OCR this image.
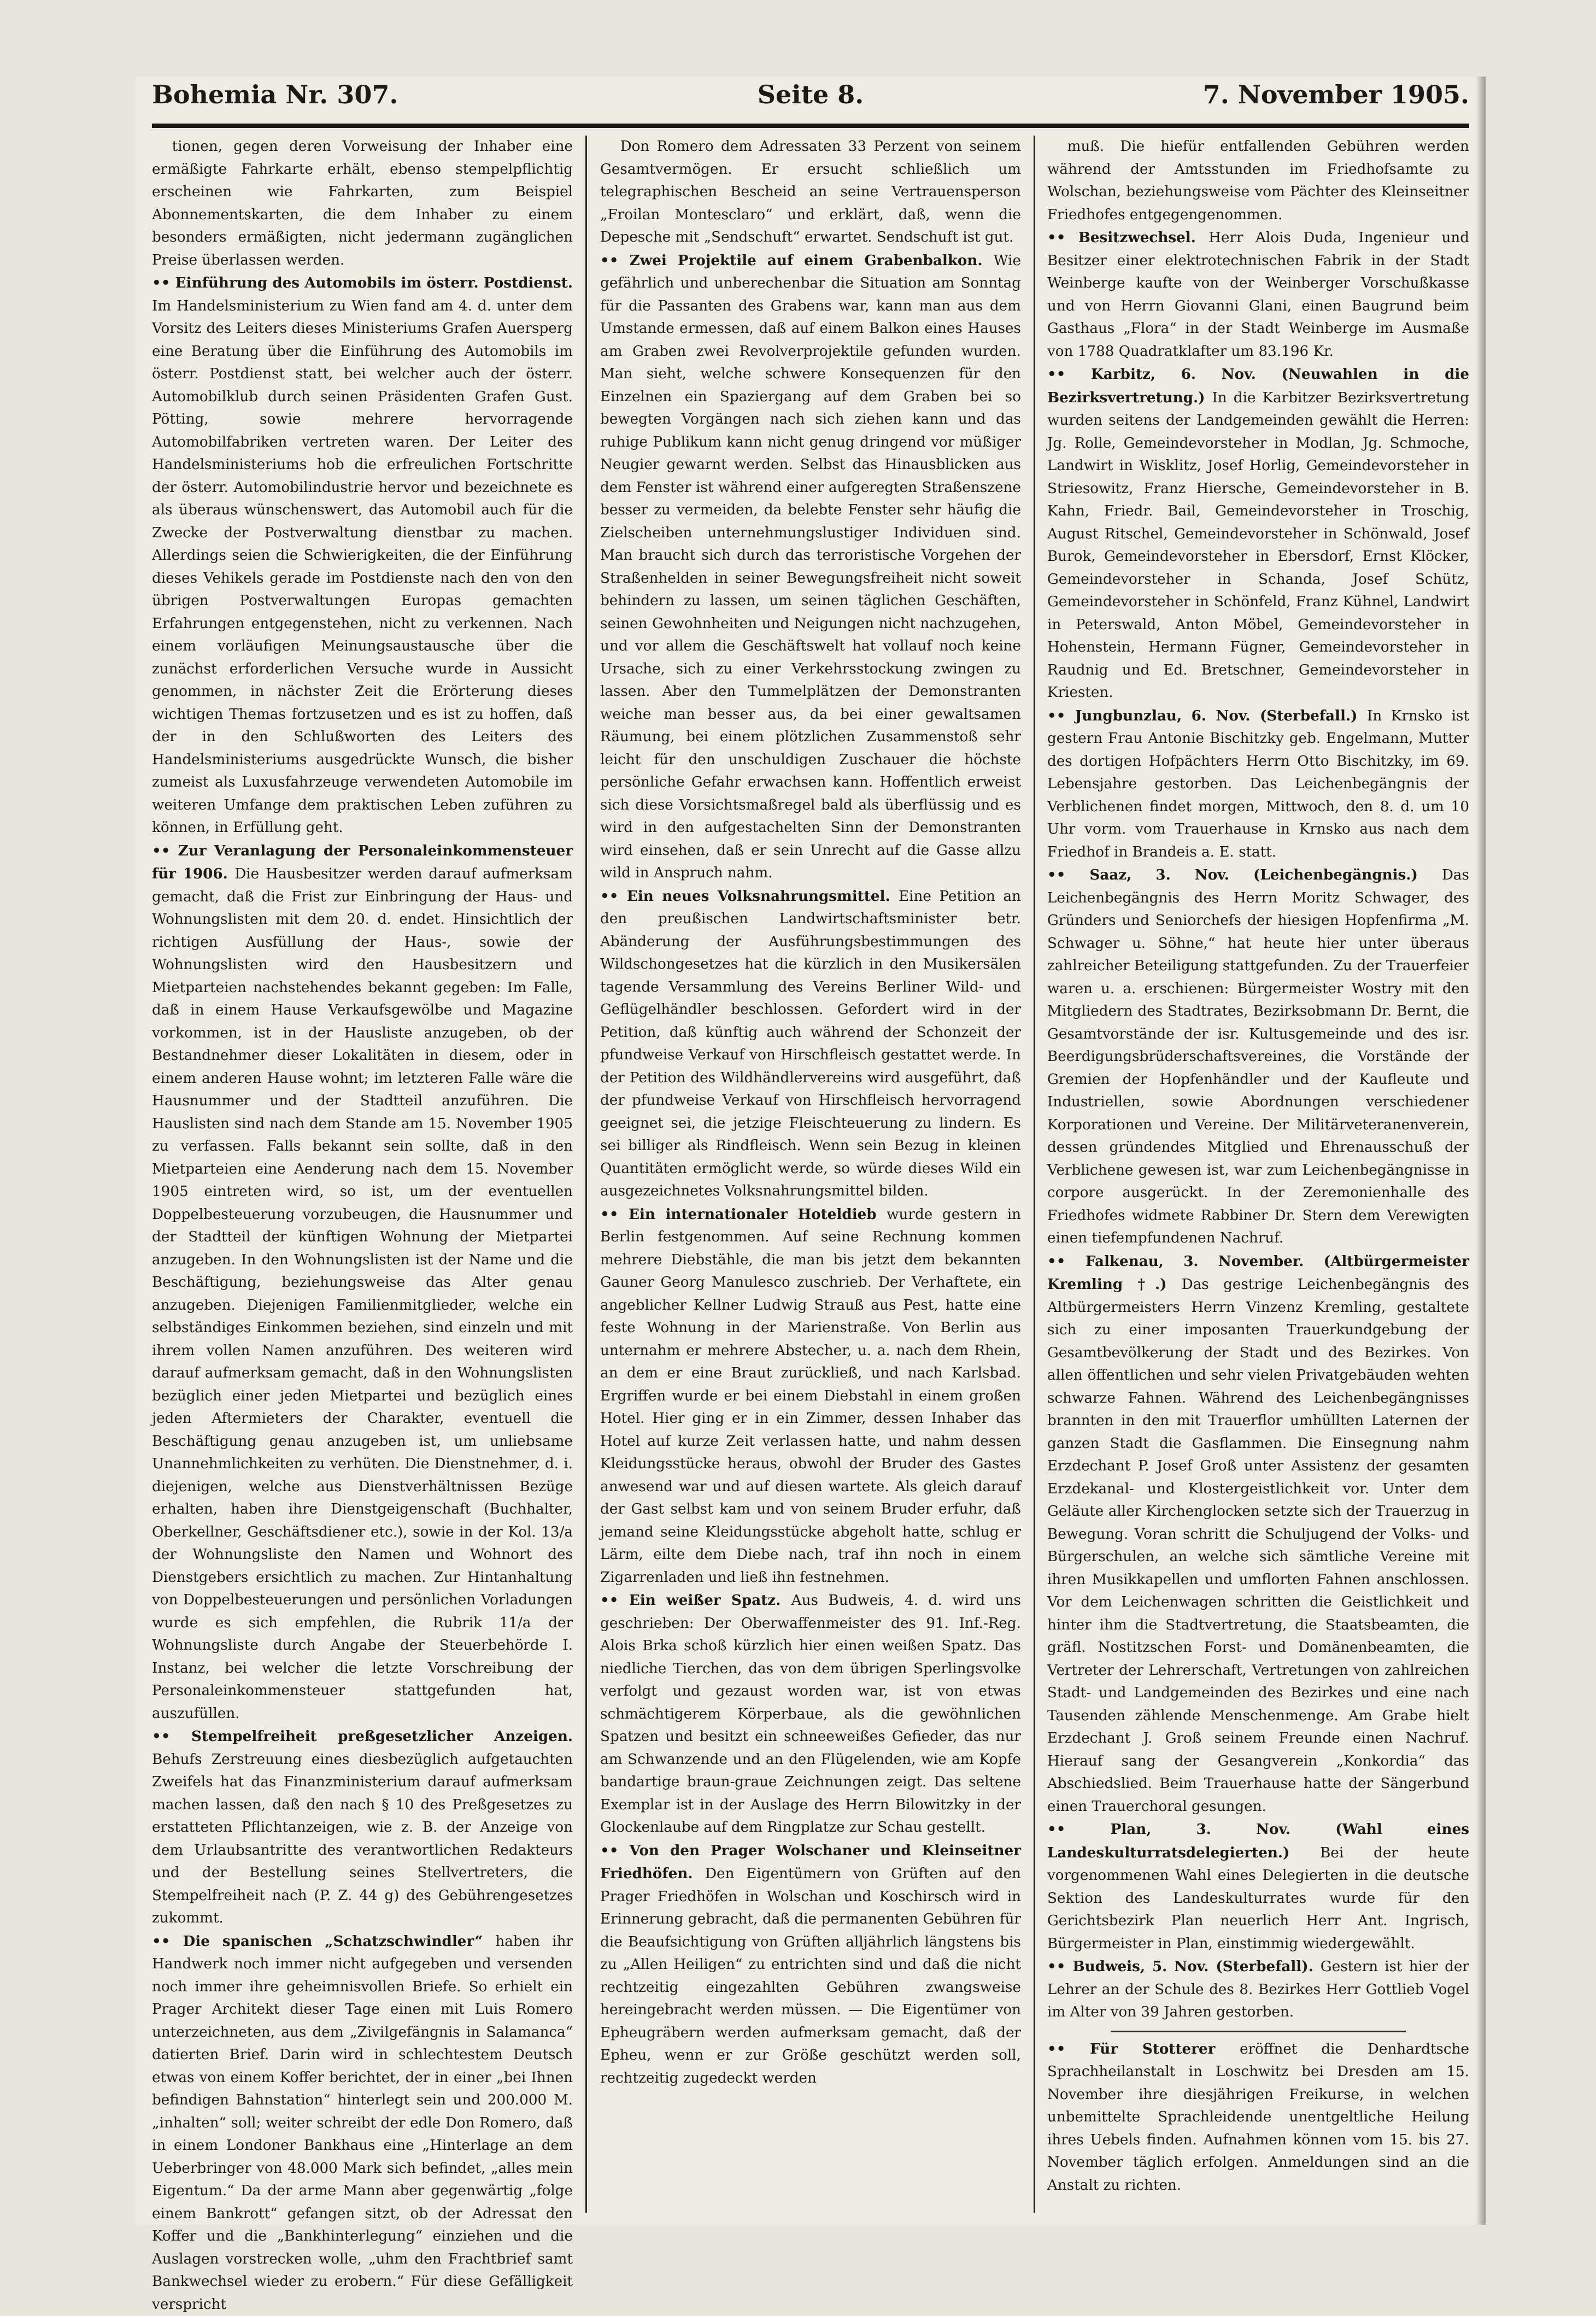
Bohemia Nr. 307.	Seite 8.	7. November 1905.

tionen, gegen deren Vorweisung der Inhaber eine ermäßigte Fahrkarte erhält, ebenso stempelpflichtig erscheinen wie Fahrkarten, zum Beispiel Abonnementskarten, die dem Inhaber zu einem besonders ermäßigten, nicht jedermann zugänglichen Preise überlassen werden.

•• Einführung des Automobils im österr. Postdienst. Im Handelsministerium zu Wien fand am 4. d. unter dem Vorsitz des Leiters dieses Ministeriums Grafen Auersperg eine Beratung über die Einführung des Automobils im österr. Postdienst statt, bei welcher auch der österr. Automobilklub durch seinen Präsidenten Grafen Gust. Pötting, sowie mehrere hervorragende Automobilfabriken vertreten waren. Der Leiter des Handelsministeriums hob die erfreulichen Fortschritte der österr. Automobilindustrie hervor und bezeichnete es als überaus wünschenswert, das Automobil auch für die Zwecke der Postverwaltung dienstbar zu machen. Allerdings seien die Schwierigkeiten, die der Einführung dieses Vehikels gerade im Postdienste nach den von den übrigen Postverwaltungen Europas gemachten Erfahrungen entgegenstehen, nicht zu verkennen. Nach einem vorläufigen Meinungsaustausche über die zunächst erforderlichen Versuche wurde in Aussicht genommen, in nächster Zeit die Erörterung dieses wichtigen Themas fortzusetzen und es ist zu hoffen, daß der in den Schlußworten des Leiters des Handelsministeriums ausgedrückte Wunsch, die bisher zumeist als Luxusfahrzeuge verwendeten Automobile im weiteren Umfange dem praktischen Leben zuführen zu können, in Erfüllung geht.

•• Zur Veranlagung der Personaleinkommensteuer für 1906. Die Hausbesitzer werden darauf aufmerksam gemacht, daß die Frist zur Einbringung der Haus- und Wohnungslisten mit dem 20. d. endet. Hinsichtlich der richtigen Ausfüllung der Haus-, sowie der Wohnungslisten wird den Hausbesitzern und Mietparteien nachstehendes bekannt gegeben: Im Falle, daß in einem Hause Verkaufsgewölbe und Magazine vorkommen, ist in der Hausliste anzugeben, ob der Bestandnehmer dieser Lokalitäten in diesem, oder in einem anderen Hause wohnt; im letzteren Falle wäre die Hausnummer und der Stadtteil anzuführen. Die Hauslisten sind nach dem Stande am 15. November 1905 zu verfassen. Falls bekannt sein sollte, daß in den Mietparteien eine Aenderung nach dem 15. November 1905 eintreten wird, so ist, um der eventuellen Doppelbesteuerung vorzubeugen, die Hausnummer und der Stadtteil der künftigen Wohnung der Mietpartei anzugeben. In den Wohnungslisten ist der Name und die Beschäftigung, beziehungsweise das Alter genau anzugeben. Diejenigen Familienmitglieder, welche ein selbständiges Einkommen beziehen, sind einzeln und mit ihrem vollen Namen anzuführen. Des weiteren wird darauf aufmerksam gemacht, daß in den Wohnungslisten bezüglich einer jeden Mietpartei und bezüglich eines jeden Aftermieters der Charakter, eventuell die Beschäftigung genau anzugeben ist, um unliebsame Unannehmlichkeiten zu verhüten. Die Dienstnehmer, d. i. diejenigen, welche aus Dienstverhältnissen Bezüge erhalten, haben ihre Dienstgeigenschaft (Buchhalter, Oberkellner, Geschäftsdiener etc.), sowie in der Kol. 13/a der Wohnungsliste den Namen und Wohnort des Dienstgebers ersichtlich zu machen. Zur Hintanhaltung von Doppelbesteuerungen und persönlichen Vorladungen wurde es sich empfehlen, die Rubrik 11/a der Wohnungsliste durch Angabe der Steuerbehörde I. Instanz, bei welcher die letzte Vorschreibung der Personaleinkommensteuer stattgefunden hat, auszufüllen.

•• Stempelfreiheit preßgesetzlicher Anzeigen. Behufs Zerstreuung eines diesbezüglich aufgetauchten Zweifels hat das Finanzministerium darauf aufmerksam machen lassen, daß den nach § 10 des Preßgesetzes zu erstatteten Pflichtanzeigen, wie z. B. der Anzeige von dem Urlaubsantritte des verantwortlichen Redakteurs und der Bestellung seines Stellvertreters, die Stempelfreiheit nach (P. Z. 44 g) des Gebührengesetzes zukommt.

•• Die spanischen „Schatzschwindler“ haben ihr Handwerk noch immer nicht aufgegeben und versenden noch immer ihre geheimnisvollen Briefe. So erhielt ein Prager Architekt dieser Tage einen mit Luis Romero unterzeichneten, aus dem „Zivilgefängnis in Salamanca“ datierten Brief. Darin wird in schlechtestem Deutsch etwas von einem Koffer berichtet, der in einer „bei Ihnen befindigen Bahnstation“ hinterlegt sein und 200.000 M. „inhalten“ soll; weiter schreibt der edle Don Romero, daß in einem Londoner Bankhaus eine „Hinterlage an dem Ueberbringer von 48.000 Mark sich befindet, „alles mein Eigentum.“ Da der arme Mann aber gegenwärtig „folge einem Bankrott“ gefangen sitzt, ob der Adressat den Koffer und die „Bankhinterlegung“ einziehen und die Auslagen vorstrecken wolle, „uhm den Frachtbrief samt Bankwechsel wieder zu erobern.“ Für diese Gefälligkeit verspricht

Don Romero dem Adressaten 33 Perzent von seinem Gesamtvermögen. Er ersucht schließlich um telegraphischen Bescheid an seine Vertrauensperson „Froilan Montesclaro“ und erklärt, daß, wenn die Depesche mit „Sendschuft“ erwartet. Sendschuft ist gut.

•• Zwei Projektile auf einem Grabenbalkon. Wie gefährlich und unberechenbar die Situation am Sonntag für die Passanten des Grabens war, kann man aus dem Umstande ermessen, daß auf einem Balkon eines Hauses am Graben zwei Revolverprojektile gefunden wurden. Man sieht, welche schwere Konsequenzen für den Einzelnen ein Spaziergang auf dem Graben bei so bewegten Vorgängen nach sich ziehen kann und das ruhige Publikum kann nicht genug dringend vor müßiger Neugier gewarnt werden. Selbst das Hinausblicken aus dem Fenster ist während einer aufgeregten Straßenszene besser zu vermeiden, da belebte Fenster sehr häufig die Zielscheiben unternehmungslustiger Individuen sind. Man braucht sich durch das terroristische Vorgehen der Straßenhelden in seiner Bewegungsfreiheit nicht soweit behindern zu lassen, um seinen täglichen Geschäften, seinen Gewohnheiten und Neigungen nicht nachzugehen, und vor allem die Geschäftswelt hat vollauf noch keine Ursache, sich zu einer Verkehrsstockung zwingen zu lassen. Aber den Tummelplätzen der Demonstranten weiche man besser aus, da bei einer gewaltsamen Räumung, bei einem plötzlichen Zusammenstoß sehr leicht für den unschuldigen Zuschauer die höchste persönliche Gefahr erwachsen kann. Hoffentlich erweist sich diese Vorsichtsmaßregel bald als überflüssig und es wird in den aufgestachelten Sinn der Demonstranten wird einsehen, daß er sein Unrecht auf die Gasse allzu wild in Anspruch nahm.

•• Ein neues Volksnahrungsmittel. Eine Petition an den preußischen Landwirtschaftsminister betr. Abänderung der Ausführungsbestimmungen des Wildschongesetzes hat die kürzlich in den Musikersälen tagende Versammlung des Vereins Berliner Wild- und Geflügelhändler beschlossen. Gefordert wird in der Petition, daß künftig auch während der Schonzeit der pfundweise Verkauf von Hirschfleisch gestattet werde. In der Petition des Wildhändlervereins wird ausgeführt, daß der pfundweise Verkauf von Hirschfleisch hervorragend geeignet sei, die jetzige Fleischteuerung zu lindern. Es sei billiger als Rindfleisch. Wenn sein Bezug in kleinen Quantitäten ermöglicht werde, so würde dieses Wild ein ausgezeichnetes Volksnahrungsmittel bilden.

•• Ein internationaler Hoteldieb wurde gestern in Berlin festgenommen. Auf seine Rechnung kommen mehrere Diebstähle, die man bis jetzt dem bekannten Gauner Georg Manulesco zuschrieb. Der Verhaftete, ein angeblicher Kellner Ludwig Strauß aus Pest, hatte eine feste Wohnung in der Marienstraße. Von Berlin aus unternahm er mehrere Abstecher, u. a. nach dem Rhein, an dem er eine Braut zurückließ, und nach Karlsbad. Ergriffen wurde er bei einem Diebstahl in einem großen Hotel. Hier ging er in ein Zimmer, dessen Inhaber das Hotel auf kurze Zeit verlassen hatte, und nahm dessen Kleidungsstücke heraus, obwohl der Bruder des Gastes anwesend war und auf diesen wartete. Als gleich darauf der Gast selbst kam und von seinem Bruder erfuhr, daß jemand seine Kleidungsstücke abgeholt hatte, schlug er Lärm, eilte dem Diebe nach, traf ihn noch in einem Zigarrenladen und ließ ihn festnehmen.

•• Ein weißer Spatz. Aus Budweis, 4. d. wird uns geschrieben: Der Oberwaffenmeister des 91. Inf.-Reg. Alois Brka schoß kürzlich hier einen weißen Spatz. Das niedliche Tierchen, das von dem übrigen Sperlingsvolke verfolgt und gezaust worden war, ist von etwas schmächtigerem Körperbaue, als die gewöhnlichen Spatzen und besitzt ein schneeweißes Gefieder, das nur am Schwanzende und an den Flügelenden, wie am Kopfe bandartige braun-graue Zeichnungen zeigt. Das seltene Exemplar ist in der Auslage des Herrn Bilowitzky in der Glockenlaube auf dem Ringplatze zur Schau gestellt.

•• Von den Prager Wolschaner und Kleinseitner Friedhöfen. Den Eigentümern von Grüften auf den Prager Friedhöfen in Wolschan und Koschirsch wird in Erinnerung gebracht, daß die permanenten Gebühren für die Beaufsichtigung von Grüften alljährlich längstens bis zu „Allen Heiligen“ zu entrichten sind und daß die nicht rechtzeitig eingezahlten Gebühren zwangsweise hereingebracht werden müssen. — Die Eigentümer von Epheugräbern werden aufmerksam gemacht, daß der Epheu, wenn er zur Größe geschützt werden soll, rechtzeitig zugedeckt werden

muß. Die hiefür entfallenden Gebühren werden während der Amtsstunden im Friedhofsamte zu Wolschan, beziehungsweise vom Pächter des Kleinseitner Friedhofes entgegengenommen.

•• Besitzwechsel. Herr Alois Duda, Ingenieur und Besitzer einer elektrotechnischen Fabrik in der Stadt Weinberge kaufte von der Weinberger Vorschußkasse und von Herrn Giovanni Glani, einen Baugrund beim Gasthaus „Flora“ in der Stadt Weinberge im Ausmaße von 1788 Quadratklafter um 83.196 Kr.

•• Karbitz, 6. Nov. (Neuwahlen in die Bezirksvertretung.) In die Karbitzer Bezirksvertretung wurden seitens der Landgemeinden gewählt die Herren: Jg. Rolle, Gemeindevorsteher in Modlan, Jg. Schmoche, Landwirt in Wisklitz, Josef Horlig, Gemeindevorsteher in Striesowitz, Franz Hiersche, Gemeindevorsteher in B. Kahn, Friedr. Bail, Gemeindevorsteher in Troschig, August Ritschel, Gemeindevorsteher in Schönwald, Josef Burok, Gemeindevorsteher in Ebersdorf, Ernst Klöcker, Gemeindevorsteher in Schanda, Josef Schütz, Gemeindevorsteher in Schönfeld, Franz Kühnel, Landwirt in Peterswald, Anton Möbel, Gemeindevorsteher in Hohenstein, Hermann Fügner, Gemeindevorsteher in Raudnig und Ed. Bretschner, Gemeindevorsteher in Kriesten.

•• Jungbunzlau, 6. Nov. (Sterbefall.) In Krnsko ist gestern Frau Antonie Bischitzky geb. Engelmann, Mutter des dortigen Hofpächters Herrn Otto Bischitzky, im 69. Lebensjahre gestorben. Das Leichenbegängnis der Verblichenen findet morgen, Mittwoch, den 8. d. um 10 Uhr vorm. vom Trauerhause in Krnsko aus nach dem Friedhof in Brandeis a. E. statt.

•• Saaz, 3. Nov. (Leichenbegängnis.) Das Leichenbegängnis des Herrn Moritz Schwager, des Gründers und Seniorchefs der hiesigen Hopfenfirma „M. Schwager u. Söhne,“ hat heute hier unter überaus zahlreicher Beteiligung stattgefunden. Zu der Trauerfeier waren u. a. erschienen: Bürgermeister Wostry mit den Mitgliedern des Stadtrates, Bezirksobmann Dr. Bernt, die Gesamtvorstände der isr. Kultusgemeinde und des isr. Beerdigungsbrüderschaftsvereines, die Vorstände der Gremien der Hopfenhändler und der Kaufleute und Industriellen, sowie Abordnungen verschiedener Korporationen und Vereine. Der Militärveteranenverein, dessen gründendes Mitglied und Ehrenausschuß der Verblichene gewesen ist, war zum Leichenbegängnisse in corpore ausgerückt. In der Zeremonienhalle des Friedhofes widmete Rabbiner Dr. Stern dem Verewigten einen tiefempfundenen Nachruf.

•• Falkenau, 3. November. (Altbürgermeister Kremling †.) Das gestrige Leichenbegängnis des Altbürgermeisters Herrn Vinzenz Kremling, gestaltete sich zu einer imposanten Trauerkundgebung der Gesamtbevölkerung der Stadt und des Bezirkes. Von allen öffentlichen und sehr vielen Privatgebäuden wehten schwarze Fahnen. Während des Leichenbegängnisses brannten in den mit Trauerflor umhüllten Laternen der ganzen Stadt die Gasflammen. Die Einsegnung nahm Erzdechant P. Josef Groß unter Assistenz der gesamten Erzdekanal- und Klostergeistlichkeit vor. Unter dem Geläute aller Kirchenglocken setzte sich der Trauerzug in Bewegung. Voran schritt die Schuljugend der Volks- und Bürgerschulen, an welche sich sämtliche Vereine mit ihren Musikkapellen und umflorten Fahnen anschlossen. Vor dem Leichenwagen schritten die Geistlichkeit und hinter ihm die Stadtvertretung, die Staatsbeamten, die gräfl. Nostitzschen Forst- und Domänenbeamten, die Vertreter der Lehrerschaft, Vertretungen von zahlreichen Stadt- und Landgemeinden des Bezirkes und eine nach Tausenden zählende Menschenmenge. Am Grabe hielt Erzdechant J. Groß seinem Freunde einen Nachruf. Hierauf sang der Gesangverein „Konkordia“ das Abschiedslied. Beim Trauerhause hatte der Sängerbund einen Trauerchoral gesungen.

•• Plan, 3. Nov. (Wahl eines Landeskulturratsdelegierten.) Bei der heute vorgenommenen Wahl eines Delegierten in die deutsche Sektion des Landeskulturrates wurde für den Gerichtsbezirk Plan neuerlich Herr Ant. Ingrisch, Bürgermeister in Plan, einstimmig wiedergewählt.

•• Budweis, 5. Nov. (Sterbefall). Gestern ist hier der Lehrer an der Schule des 8. Bezirkes Herr Gottlieb Vogel im Alter von 39 Jahren gestorben.

•• Für Stotterer eröffnet die Denhardtsche Sprachheilanstalt in Loschwitz bei Dresden am 15. November ihre diesjährigen Freikurse, in welchen unbemittelte Sprachleidende unentgeltliche Heilung ihres Uebels finden. Aufnahmen können vom 15. bis 27. November täglich erfolgen. Anmeldungen sind an die Anstalt zu richten.
